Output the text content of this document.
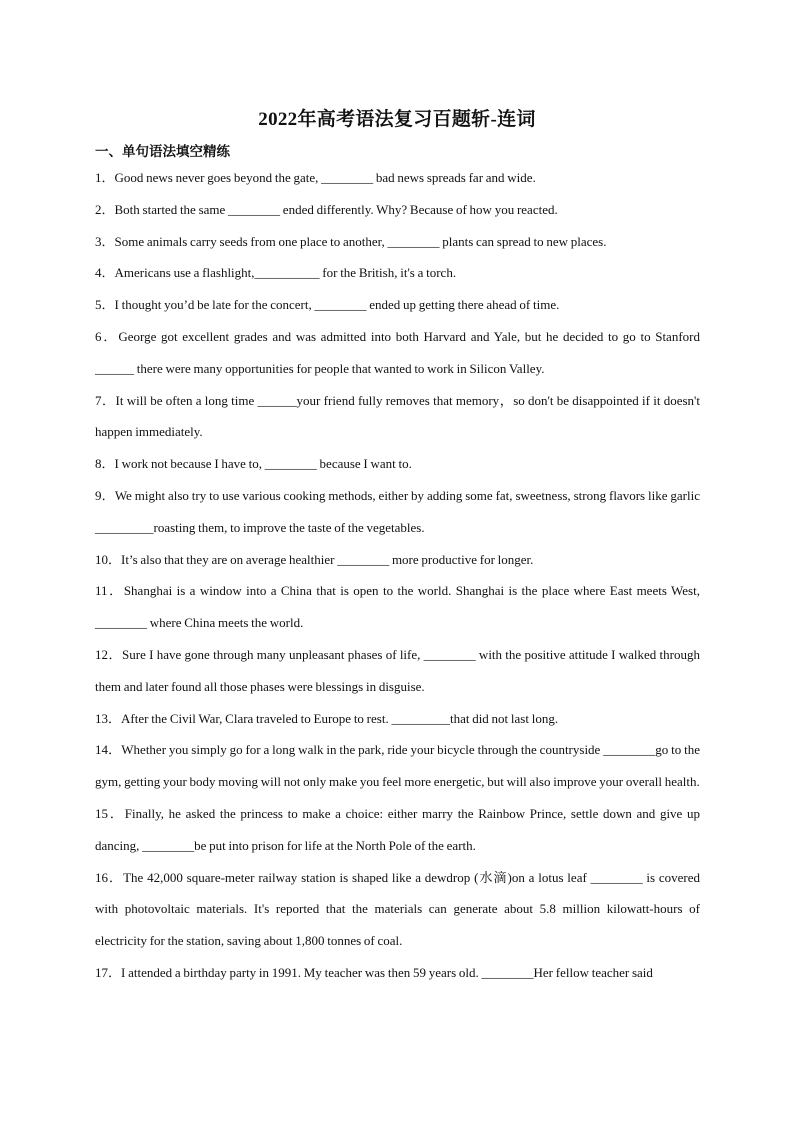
2022年高考语法复习百题斩-连词
一、单句语法填空精练

1．Good news never goes beyond the gate, ________ bad news spreads far and wide.

2．Both started the same ________ ended differently. Why? Because of how you reacted.

3．Some animals carry seeds from one place to another, ________ plants can spread to new places.

4．Americans use a flashlight,__________ for the British, it's a torch.

5．I thought you’d be late for the concert, ________ ended up getting there ahead of time.

6．George got excellent grades and was admitted into both Harvard and Yale, but he decided to go to Stanford ______ there were many opportunities for people that wanted to work in Silicon Valley.

7．It will be often a long time ______your friend fully removes that memory，so don't be disappointed if it doesn't happen immediately.

8．I work not because I have to, ________ because I want to.

9．We might also try to use various cooking methods, either by adding some fat, sweetness, strong flavors like garlic _________roasting them, to improve the taste of the vegetables.

10．It’s also that they are on average healthier ________ more productive for longer.

11．Shanghai is a window into a China that is open to the world. Shanghai is the place where East meets West, ________ where China meets the world.

12．Sure I have gone through many unpleasant phases of life, ________ with the positive attitude I walked through them and later found all those phases were blessings in disguise.

13．After the Civil War, Clara traveled to Europe to rest. _________that did not last long.

14．Whether you simply go for a long walk in the park, ride your bicycle through the countryside ________go to the gym, getting your body moving will not only make you feel more energetic, but will also improve your overall health.

15．Finally, he asked the princess to make a choice: either marry the Rainbow Prince, settle down and give up dancing, ________be put into prison for life at the North Pole of the earth.

16．The 42,000 square-meter railway station is shaped like a dewdrop (水滴)on a lotus leaf ________ is covered with photovoltaic materials. It's reported that the materials can generate about 5.8 million kilowatt-hours of electricity for the station, saving about 1,800 tonnes of coal.

17．I attended a birthday party in 1991. My teacher was then 59 years old. ________Her fellow teacher said
